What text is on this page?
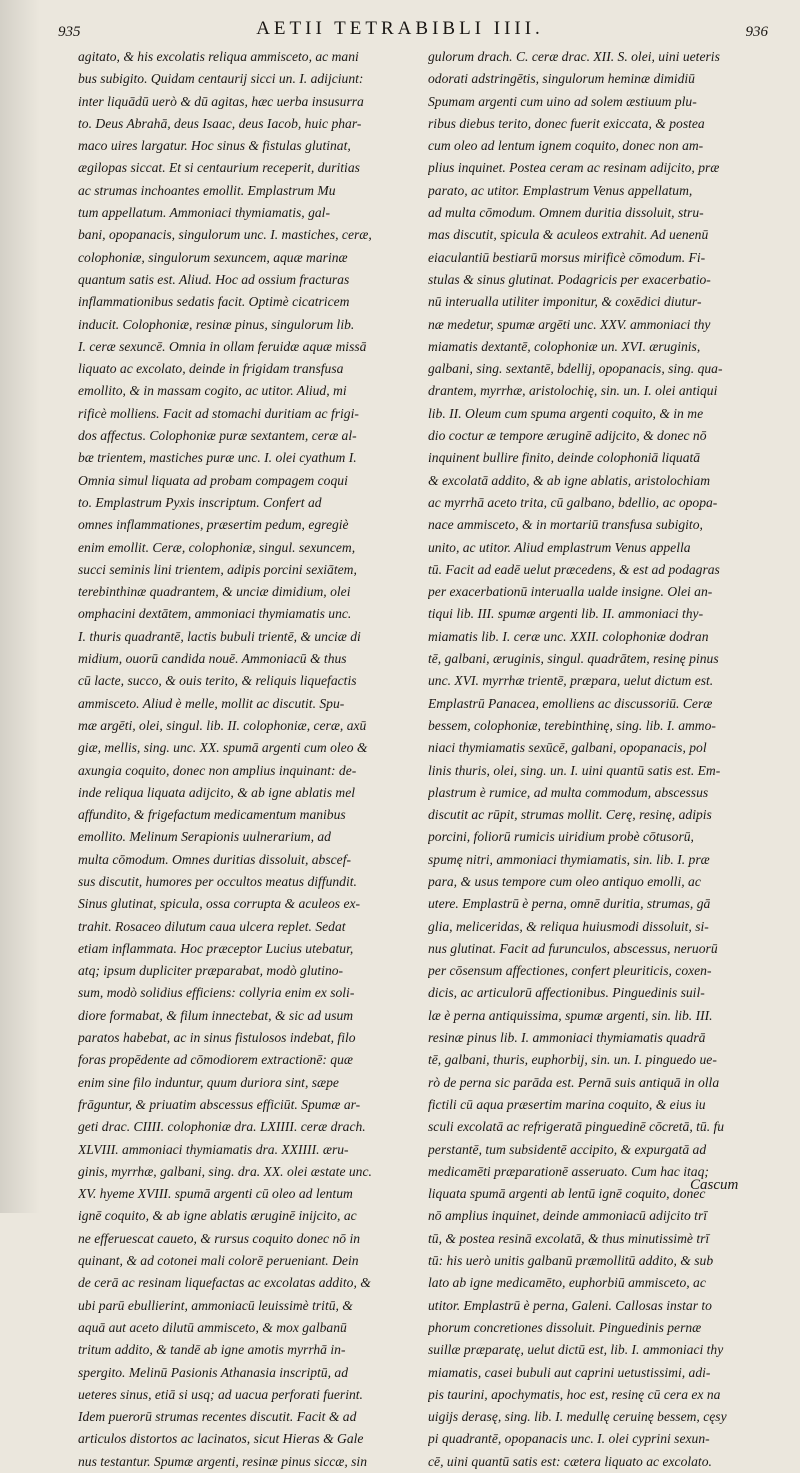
935	AETII TETRABIBLI IIII.	936
agitato, & his excolatis reliqua ammisceto, ac mani
bus subigito. Quidam centaurij sicci un. I. adijciunt:
inter liquādū uerò & dū agitas, hæc uerba insusurra
to. Deus Abrahā, deus Isaac, deus Iacob, huic phar-
maco uires largatur. Hoc sinus & fistulas glutinat,
ægilopas siccat. Et si centaurium receperit, duritias
ac strumas inchoantes emollit. Emplastrum Mu
tum appellatum. Ammoniaci thymiamatis, gal-
bani, opopanacis, singulorum unc. I. mastiches, ceræ,
colophoniæ, singulorum sexuncem, aquæ marinæ
quantum satis est. Aliud. Hoc ad ossium fracturas
inflammationibus sedatis facit. Optimè cicatricem
inducit. Colophoniæ, resinæ pinus, singulorum lib.
I. ceræ sexuncē. Omnia in ollam feruidæ aquæ missā
liquato ac excolato, deinde in frigidam transfusa
emollito, & in massam cogito, ac utitor. Aliud, mi
rificè molliens. Facit ad stomachi duritiam ac frigi-
dos affectus. Colophoniæ puræ sextantem, ceræ al-
bæ trientem, mastiches puræ unc. I. olei cyathum I.
Omnia simul liquata ad probam compagem coqui
to. Emplastrum Pyxis inscriptum. Confert ad
omnes inflammationes, præsertim pedum, egregiè
enim emollit. Ceræ, colophoniæ, singul. sexuncem,
succi seminis lini trientem, adipis porcini sexiātem,
terebinthinæ quadrantem, & unciæ dimidium, olei
omphacini dextātem, ammoniaci thymiamatis unc.
I. thuris quadrantē, lactis bubuli trientē, & unciæ di
midium, ouorū candida nouē. Ammoniacū & thus
cū lacte, succo, & ouis terito, & reliquis liquefactis
ammisceto. Aliud è melle, mollit ac discutit. Spu-
mæ argēti, olei, singul. lib. II. colophoniæ, ceræ, axū
giæ, mellis, sing. unc. XX. spumā argenti cum oleo &
axungia coquito, donec non amplius inquinant: de-
inde reliqua liquata adijcito, & ab igne ablatis mel
affundito, & frigefactum medicamentum manibus
emollito. Melinum Serapionis uulnerarium, ad
multa cōmodum. Omnes duritias dissoluit, abscef-
sus discutit, humores per occultos meatus diffundit.
Sinus glutinat, spicula, ossa corrupta & aculeos ex-
trahit. Rosaceo dilutum caua ulcera replet. Sedat
etiam inflammata. Hoc præceptor Lucius utebatur,
atq; ipsum dupliciter præparabat, modò glutino-
sum, modò solidius efficiens: collyria enim ex soli-
diore formabat, & filum innectebat, & sic ad usum
paratos habebat, ac in sinus fistulosos indebat, filo
foras propēdente ad cōmodiorem extractionē: quæ
enim sine filo induntur, quum duriora sint, sæpe
frāguntur, & priuatim abscessus efficiūt. Spumæ ar-
geti drac. CIIII. colophoniæ dra. LXIIII. ceræ drach.
XLVIII. ammoniaci thymiamatis dra. XXIIII. æru-
ginis, myrrhæ, galbani, sing. dra. XX. olei æstate unc.
XV. hyeme XVIII. spumā argenti cū oleo ad lentum
ignē coquito, & ab igne ablatis æruginē inijcito, ac
ne efferuescat caueto, & rursus coquito donec nō in
quinant, & ad cotonei mali colorē perueniant. Dein
de cerā ac resinam liquefactas ac excolatas addito, &
ubi parū ebullierint, ammoniacū leuissimè tritū, &
aquā aut aceto dilutū ammisceto, & mox galbanū
tritum addito, & tandē ab igne amotis myrrhā in-
spergito. Melinū Pasionis Athanasia inscriptū, ad
ueteres sinus, etiā si usq; ad uacua perforati fuerint.
Idem puerorū strumas recentes discutit. Facit & ad
articulos distortos ac lacinatos, sicut Hieras & Gale
nus testantur. Spumæ argenti, resinæ pinus siccæ, sin
gulorum drach. C. ceræ drac. XII. S. olei, uini ueteris
odorati adstringētis, singulorum heminæ dimidiū
Spumam argenti cum uino ad solem æstiuum plu-
ribus diebus terito, donec fuerit exiccata, & postea
cum oleo ad lentum ignem coquito, donec non am-
plius inquinet. Postea ceram ac resinam adijcito, præ
parato, ac utitor. Emplastrum Venus appellatum,
ad multa cōmodum. Omnem duritia dissoluit, stru-
mas discutit, spicula & aculeos extrahit. Ad uenenū
eiaculantiū bestiarū morsus mirificè cōmodum. Fi-
stulas & sinus glutinat. Podagricis per exacerbatio-
nū interualla utiliter imponitur, & coxēdici diutur-
næ medetur, spumæ argēti unc. XXV. ammoniaci thy
miamatis dextantē, colophoniæ un. XVI. æruginis,
galbani, sing. sextantē, bdellij, opopanacis, sing. qua-
drantem, myrrhæ, aristolochię, sin. un. I. olei antiqui
lib. II. Oleum cum spuma argenti coquito, & in me
dio coctur æ tempore æruginē adijcito, & donec nō
inquinent bullire finito, deinde colophoniā liquatā
& excolatā addito, & ab igne ablatis, aristolochiam
ac myrrhā aceto trita, cū galbano, bdellio, ac opopa-
nace ammisceto, & in mortariū transfusa subigito,
unito, ac utitor. Aliud emplastrum Venus appella
tū. Facit ad eadē uelut præcedens, & est ad podagras
per exacerbationū interualla ualde insigne. Olei an-
tiqui lib. III. spumæ argenti lib. II. ammoniaci thy-
miamatis lib. I. ceræ unc. XXII. colophoniæ dodran
tē, galbani, æruginis, singul. quadrātem, resinę pinus
unc. XVI. myrrhæ trientē, præpara, uelut dictum est.
Emplastrū Panacea, emolliens ac discussoriū. Ceræ
bessem, colophoniæ, terebinthinę, sing. lib. I. ammo-
niaci thymiamatis sexūcē, galbani, opopanacis, pol
linis thuris, olei, sing. un. I. uini quantū satis est. Em-
plastrum è rumice, ad multa commodum, abscessus
discutit ac rūpit, strumas mollit. Cerę, resinę, adipis
porcini, foliorū rumicis uiridium probè cōtusorū,
spumę nitri, ammoniaci thymiamatis, sin. lib. I. præ
para, & usus tempore cum oleo antiquo emolli, ac
utere. Emplastrū è perna, omnē duritia, strumas, gā
glia, meliceridas, & reliqua huiusmodi dissoluit, si-
nus glutinat. Facit ad furunculos, abscessus, neruorū
per cōsensum affectiones, confert pleuriticis, coxen-
dicis, ac articulorū affectionibus. Pinguedinis suil-
læ è perna antiquissima, spumæ argenti, sin. lib. III.
resinæ pinus lib. I. ammoniaci thymiamatis quadrā
tē, galbani, thuris, euphorbij, sin. un. I. pinguedo ue-
rò de perna sic parāda est. Pernā suis antiquā in olla
fictili cū aqua præsertim marina coquito, & eius iu
sculi excolatā ac refrigeratā pinguedinē cōcretā, tū. fu
perstantē, tum subsidentē accipito, & expurgatā ad
medicamēti præparationē asseruato. Cum hac itaq;
liquata spumā argenti ab lentū ignē coquito, donec
nō amplius inquinet, deinde ammoniacū adijcito trī
tū, & postea resinā excolatā, & thus minutissimè trī
tū: his uerò unitis galbanū præmollitū addito, & sub
lato ab igne medicamēto, euphorbiū ammisceto, ac
utitor. Emplastrū è perna, Galeni. Callosas instar to
phorum concretiones dissoluit. Pinguedinis pernæ
suillæ præparatę, uelut dictū est, lib. I. ammoniaci thy
miamatis, casei bubuli aut caprini uetustissimi, adi-
pis taurini, apochymatis, hoc est, resinę cū cera ex na
uigijs derasę, sing. lib. I. medullę ceruinę bessem, cęsy
pi quadrantē, opopanacis unc. I. olei cyprini sexun-
cē, uini quantū satis est: cætera liquato ac excolato.
Cascum
